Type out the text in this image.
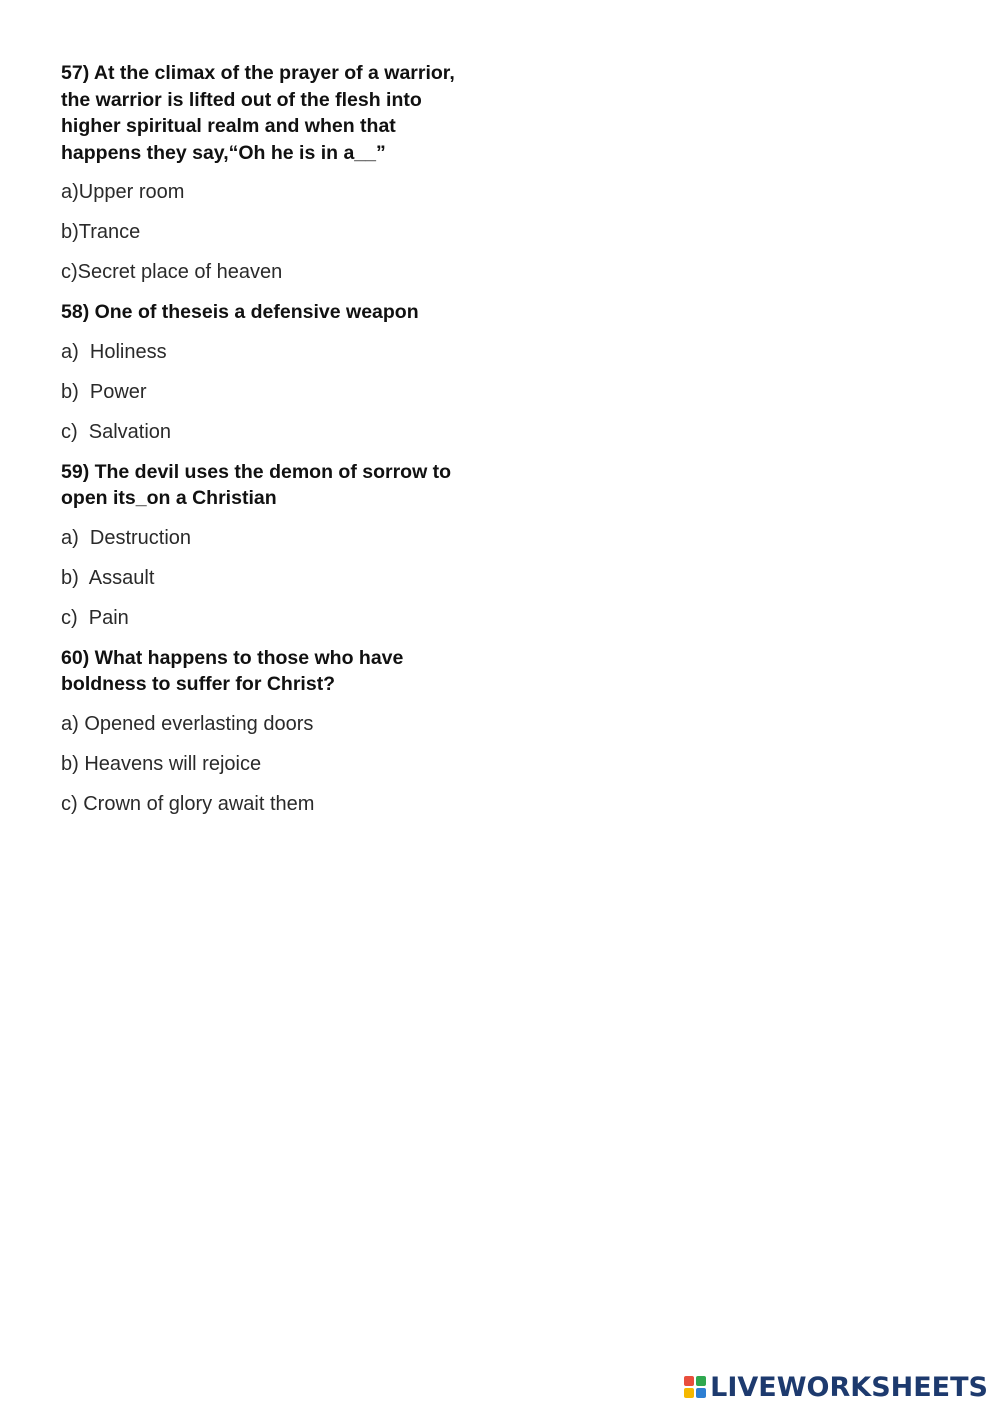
57) At the climax of the prayer of a warrior, the warrior is lifted out of the flesh into higher spiritual realm and when that happens they say,“Oh he is in a__”

a)Upper room

b)Trance

c)Secret place of heaven

58) One of theseis a defensive weapon

a)  Holiness

b)  Power

c)  Salvation

59) The devil uses the demon of sorrow to open its_on a Christian

a)  Destruction

b)  Assault

c)  Pain

60) What happens to those who have boldness to suffer for Christ?

a) Opened everlasting doors

b) Heavens will rejoice

c) Crown of glory await them

LIVEWORKSHEETS
